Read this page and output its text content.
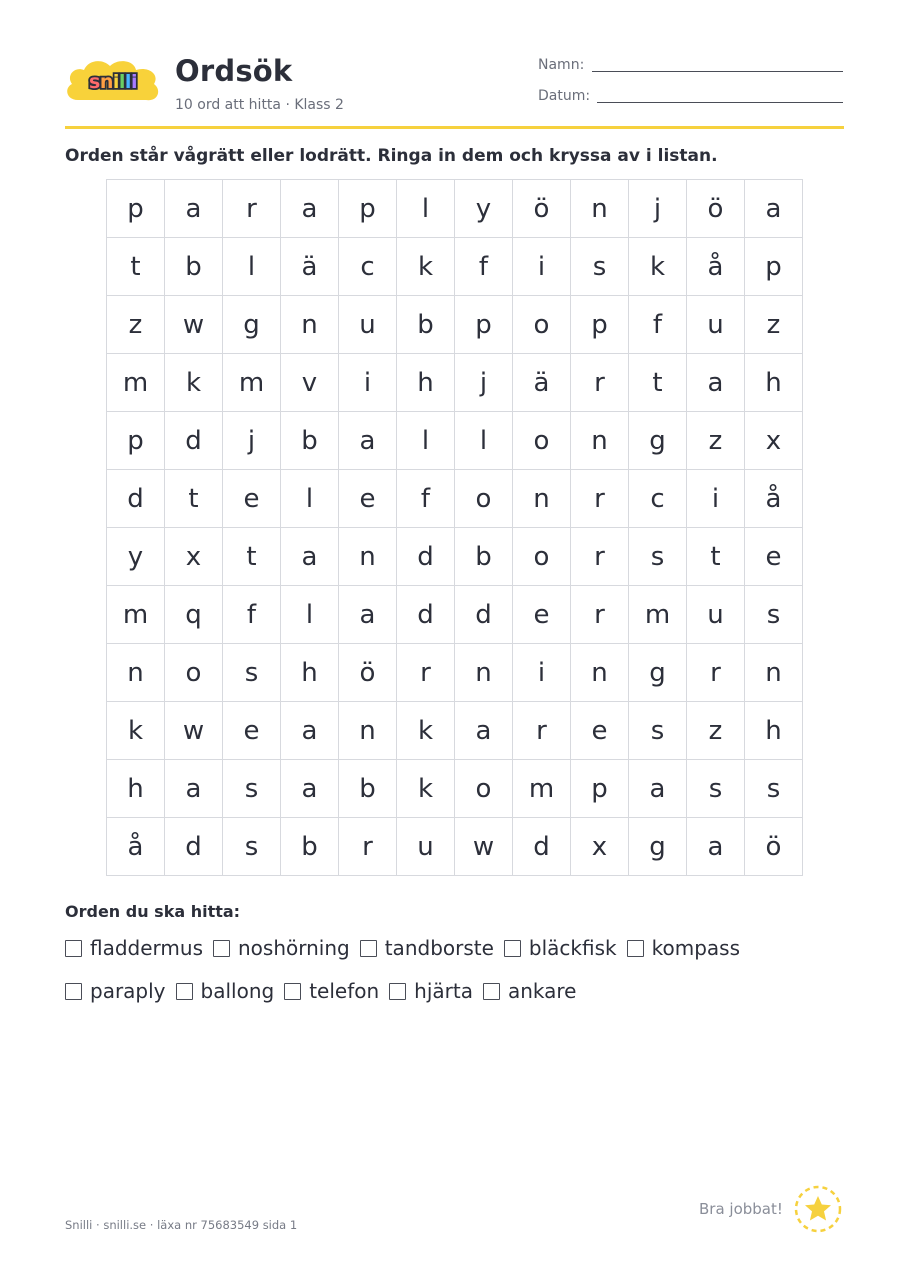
snilli Ordsök
10 ord att hitta · Klass 2
Namn:
Datum:
Orden står vågrätt eller lodrätt. Ringa in dem och kryssa av i listan.
p	a	r	a	p	l	y	ö	n	j	ö	a
t	b	l	ä	c	k	f	i	s	k	å	p
z	w	g	n	u	b	p	o	p	f	u	z
m	k	m	v	i	h	j	ä	r	t	a	h
p	d	j	b	a	l	l	o	n	g	z	x
d	t	e	l	e	f	o	n	r	c	i	å
y	x	t	a	n	d	b	o	r	s	t	e
m	q	f	l	a	d	d	e	r	m	u	s
n	o	s	h	ö	r	n	i	n	g	r	n
k	w	e	a	n	k	a	r	e	s	z	h
h	a	s	a	b	k	o	m	p	a	s	s
å	d	s	b	r	u	w	d	x	g	a	ö
Orden du ska hitta:
fladdermus noshörning tandborste bläckfisk kompass
paraply ballong telefon hjärta ankare
Snilli · snilli.se · läxa nr 75683549 sida 1
Bra jobbat!
